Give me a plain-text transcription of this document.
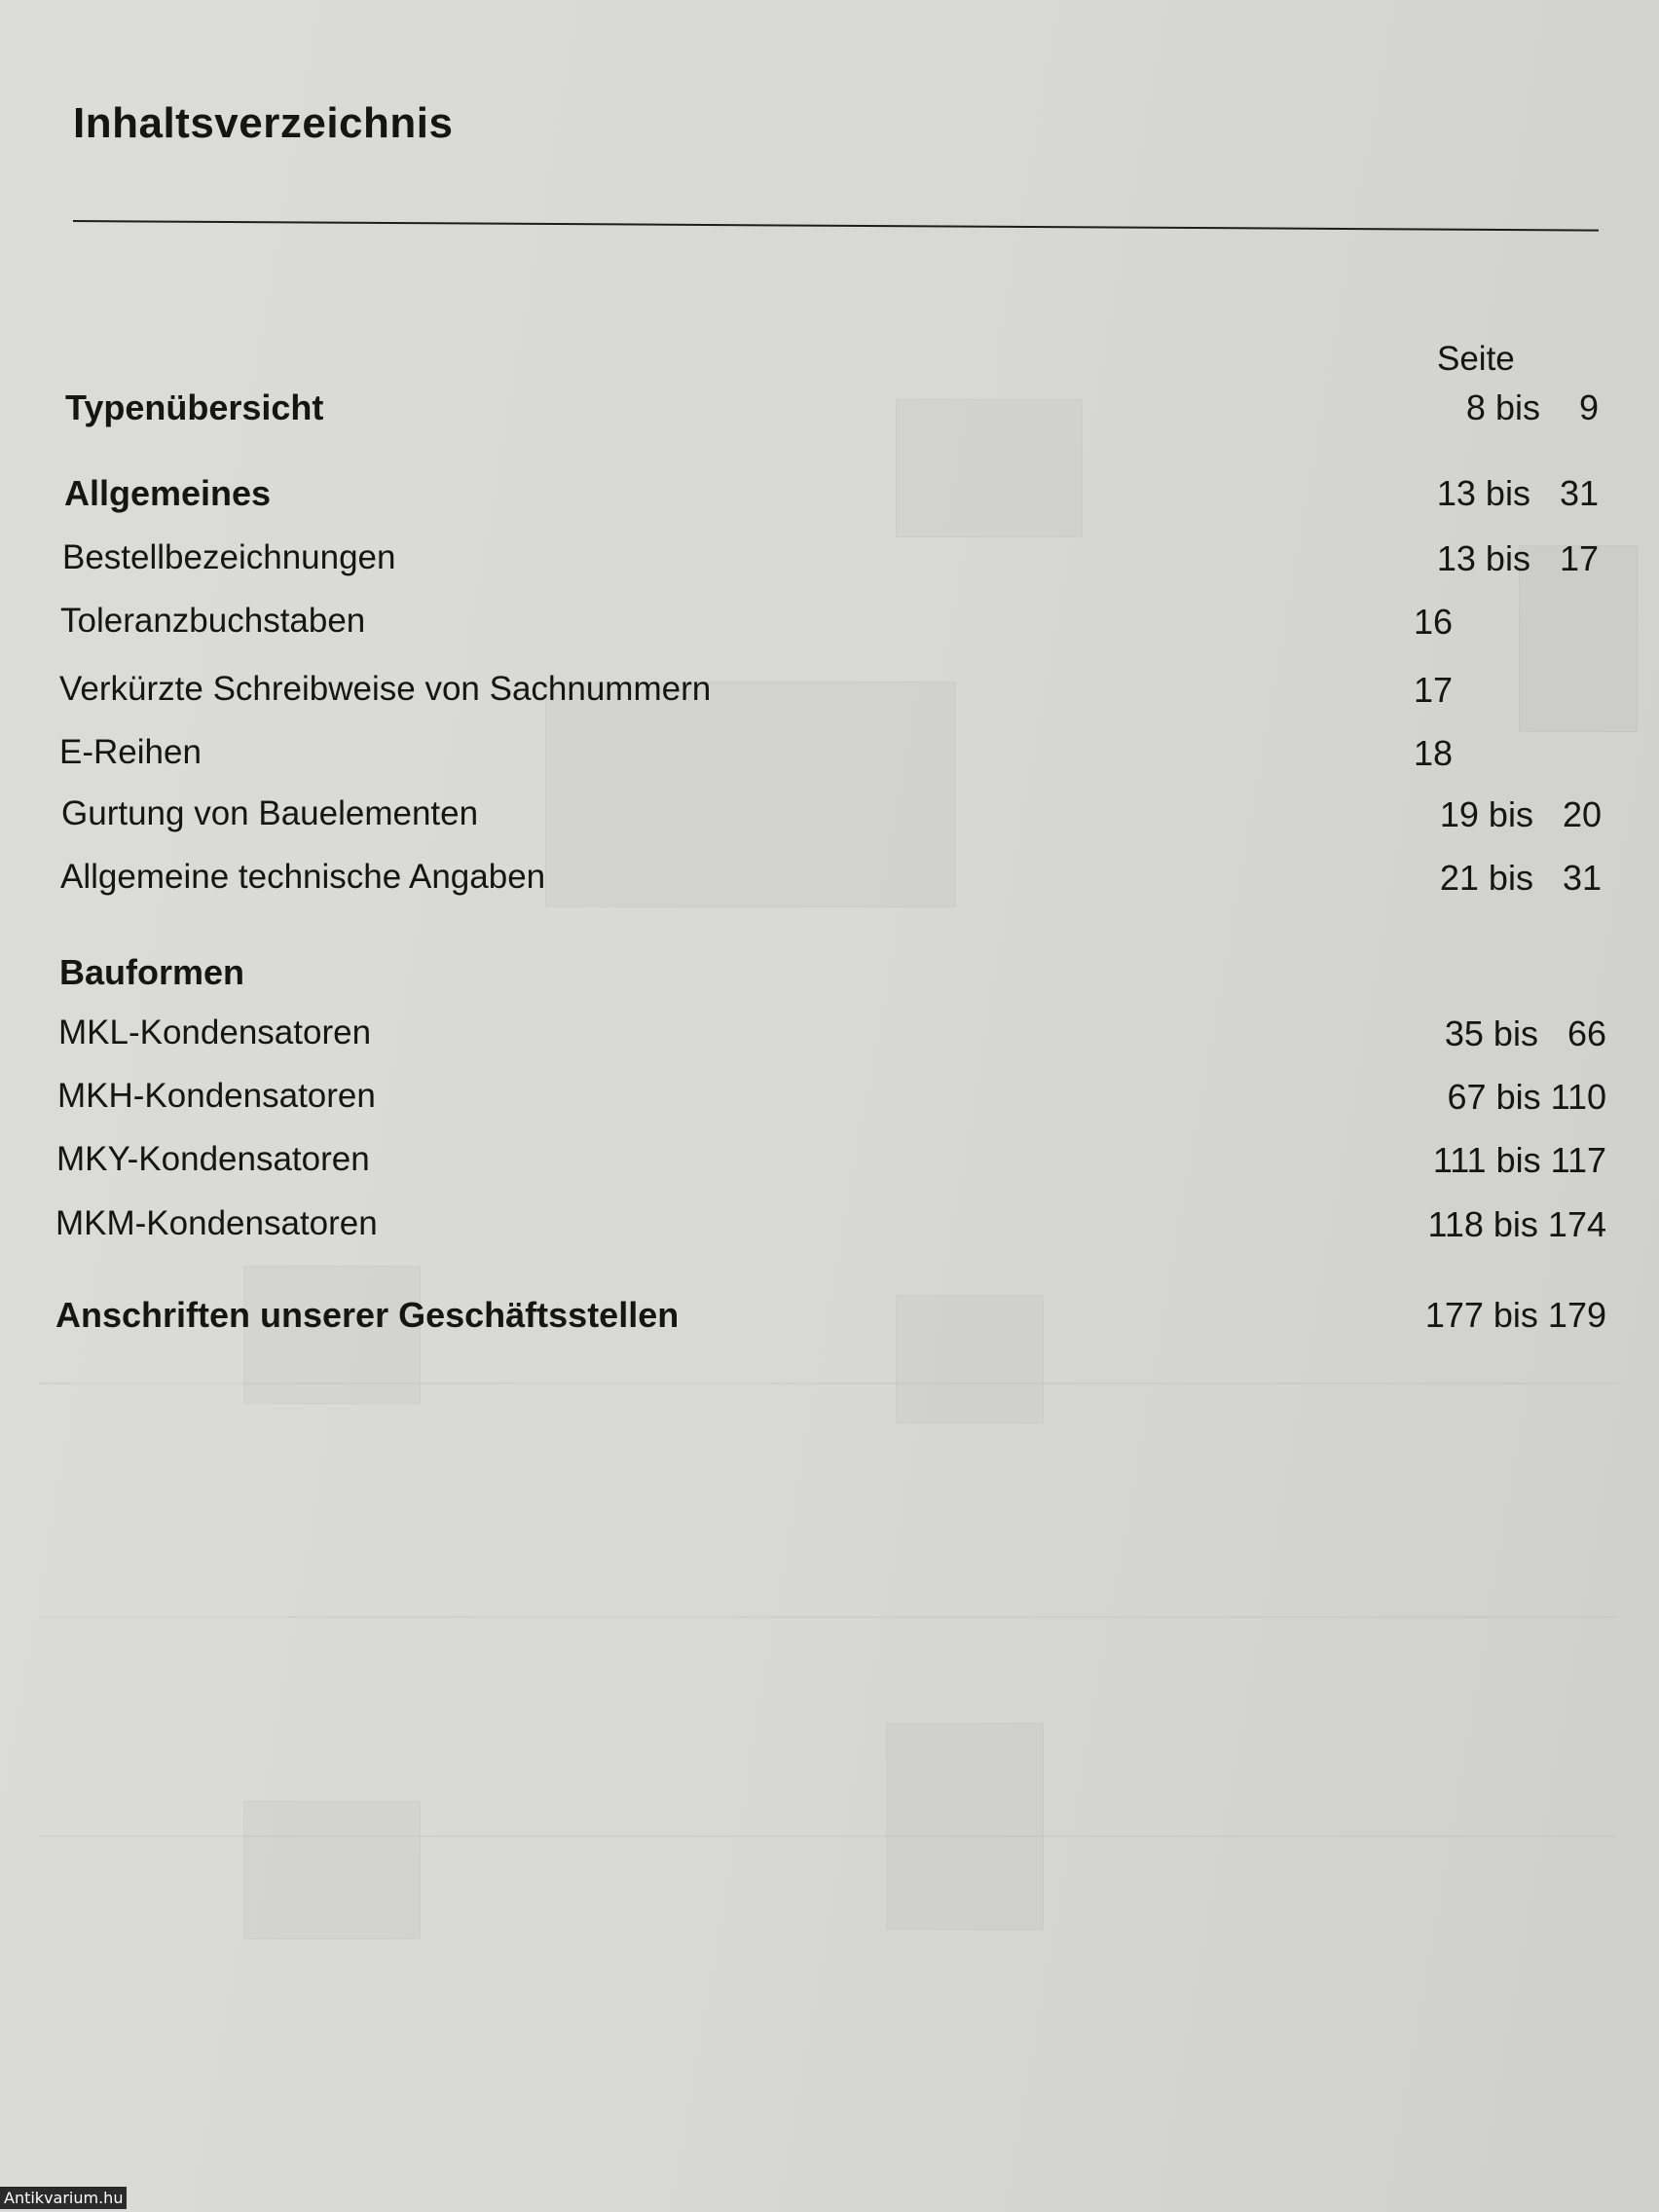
Inhaltsverzeichnis
Seite
Typenübersicht	8 bis    9
Allgemeines	13 bis   31
Bestellbezeichnungen	13 bis   17
Toleranzbuchstaben	16
Verkürzte Schreibweise von Sachnummern	17
E-Reihen	18
Gurtung von Bauelementen	19 bis   20
Allgemeine technische Angaben	21 bis   31
Bauformen
MKL-Kondensatoren	35 bis   66
MKH-Kondensatoren	67 bis 110
MKY-Kondensatoren	111 bis 117
MKM-Kondensatoren	118 bis 174
Anschriften unserer Geschäftsstellen	177 bis 179
Antikvarium.hu
